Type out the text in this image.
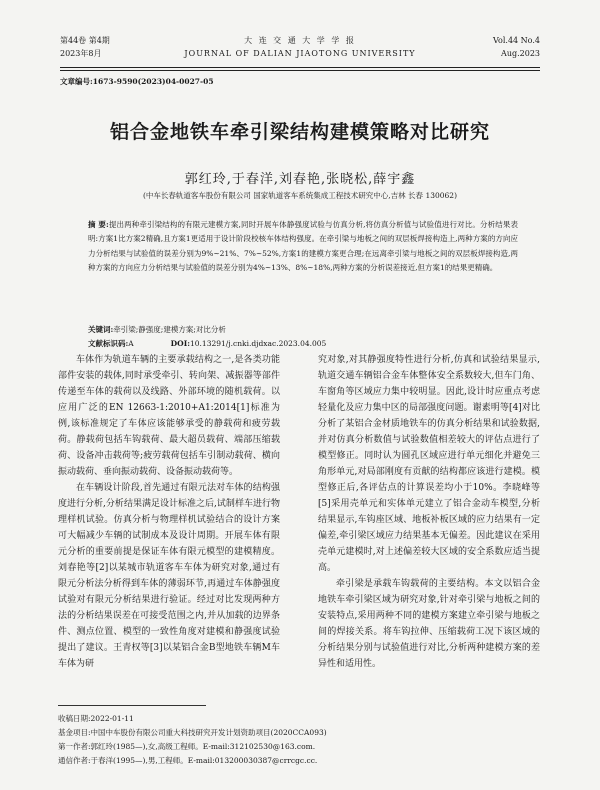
第44卷 第4期
2023年8月
大 连 交 通 大 学 学 报
JOURNAL OF DALIAN JIAOTONG UNIVERSITY
Vol.44 No.4
Aug.2023
文章编号:1673-9590(2023)04-0027-05
铝合金地铁车牵引梁结构建模策略对比研究
郭红玲,于春洋,刘春艳,张晓松,薛宇鑫
(中车长春轨道客车股份有限公司 国家轨道客车系统集成工程技术研究中心,吉林 长春 130062)
摘 要:提出两种牵引梁结构的有限元建模方案,同时开展车体静强度试验与仿真分析,将仿真分析值与试验值进行对比。分析结果表明:方案1比方案2精确,且方案1更适用于设计阶段校核车体结构强度。在牵引梁与地板之间的双层板焊接构造上,两种方案的方向应力分析结果与试验值的误差分别为9%~21%、7%~52%,方案1的建模方案更合理;在远离牵引梁与地板之间的双层板焊接构造,两种方案的方向应力分析结果与试验值的误差分别为4%~13%、8%~18%,两种方案的分析误差接近,但方案1的结果更精确。
关键词:牵引梁;静强度;建模方案;对比分析
文献标识码:A	DOI:10.13291/j.cnki.djdxac.2023.04.005

车体作为轨道车辆的主要承载结构之一,是各类功能部件安装的载体,同时承受牵引、转向架、减振器等部件传递至车体的载荷以及线路、外部环境的随机载荷。以应用广泛的EN 12663-1:2010+A1:2014[1]标准为例,该标准规定了车体应该能够承受的静载荷和疲劳载荷。静载荷包括车钩载荷、最大超员载荷、端部压缩载荷、设备冲击载荷等;疲劳载荷包括车引制动载荷、横向振动载荷、垂向振动载荷、设备振动载荷等。

在车辆设计阶段,首先通过有限元法对车体的结构强度进行分析,分析结果满足设计标准之后,试制样车进行物理样机试验。仿真分析与物理样机试验结合的设计方案可大幅减少车辆的试制成本及设计周期。开展车体有限元分析的重要前提是保证车体有限元模型的建模精度。刘春艳等[2]以某城市轨道客车车体为研究对象,通过有限元分析法分析得到车体的薄弱环节,再通过车体静强度试验对有限元分析结果进行验证。经过对比发现两种方法的分析结果误差在可接受范围之内,并从加载的边界条件、测点位置、模型的一致性角度对建模和静强度试验提出了建议。王青权等[3]以某铝合金B型地铁车辆M车车体为研

究对象,对其静强度特性进行分析,仿真和试验结果显示,轨道交通车辆铝合金车体整体安全系数较大,但车门角、车窗角等区域应力集中较明显。因此,设计时应重点考虑轻量化及应力集中区的局部强度问题。谢素明等[4]对比分析了某铝合金材质地铁车的仿真分析结果和试验数据,并对仿真分析数值与试验数值相差较大的评估点进行了模型修正。同时认为圆孔区域应进行单元细化并避免三角形单元,对局部刚度有贡献的结构都应该进行建模。模型修正后,各评估点的计算误差均小于10%。李晓峰等[5]采用壳单元和实体单元建立了铝合金动车模型,分析结果显示,车钩座区域、地板补板区域的应力结果有一定偏差,牵引梁区域应力结果基本无偏差。因此建议在采用壳单元建模时,对上述偏差较大区域的安全系数应适当提高。

牵引梁是承载车钩载荷的主要结构。本文以铝合金地铁车牵引梁区域为研究对象,针对牵引梁与地板之间的安装特点,采用两种不同的建模方案建立牵引梁与地板之间的焊接关系。将车钩拉伸、压缩载荷工况下该区域的分析结果分别与试验值进行对比,分析两种建模方案的差异性和适用性。

收稿日期:2022-01-11
基金项目:中国中车股份有限公司重大科技研究开发计划资助项目(2020CCA093)
第一作者:郭红玲(1985—),女,高级工程师。E-mail:312102530@163.com.
通信作者:于春洋(1995—),男,工程师。E-mail:013200030387@crrcgc.cc.
